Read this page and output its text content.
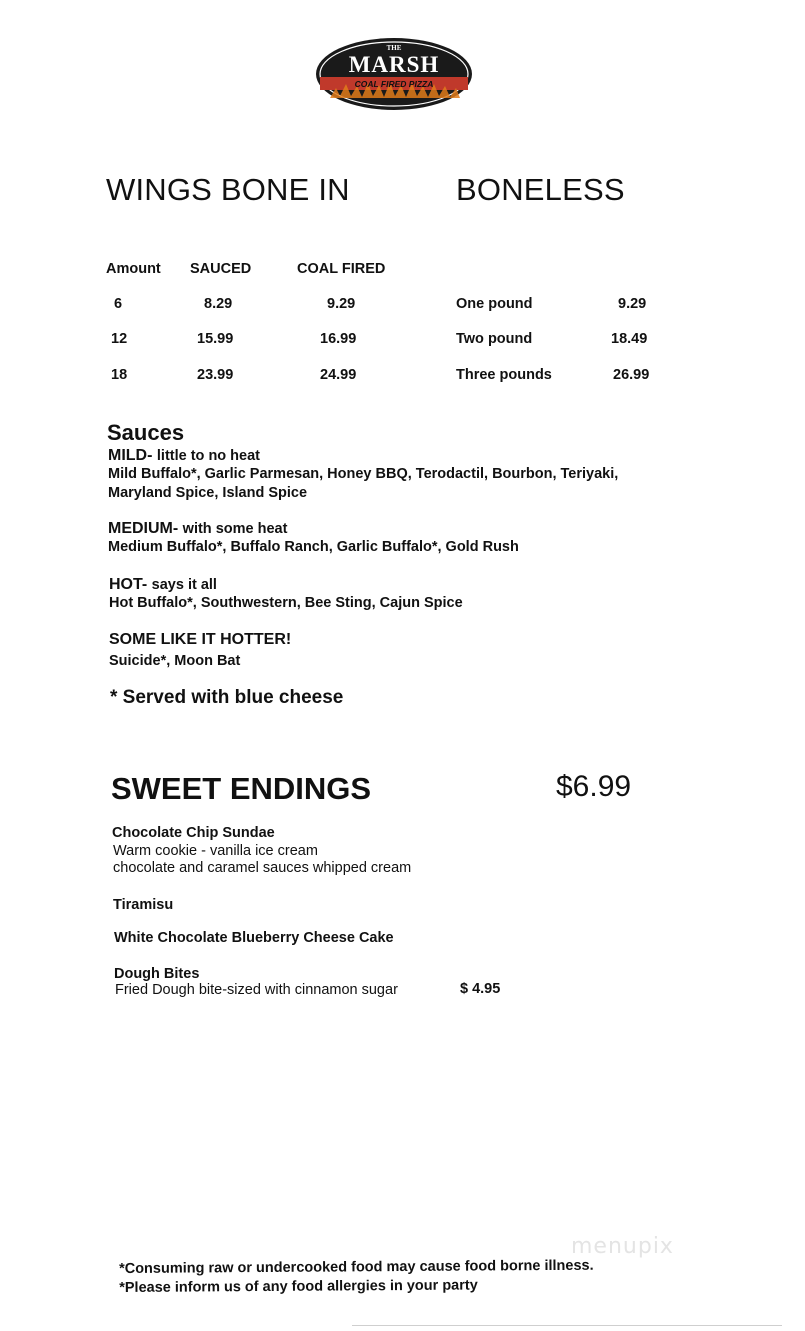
THE
MARSH
COAL FIRED PIZZA
WINGS BONE IN	BONELESS
Amount SAUCED	COAL FIRED
6	8.29	9.29
12	15.99	16.99
18	23.99	24.99
One pound	9.29
Two pound	18.49
Three pounds	26.99
Sauces
MILD- little to no heat
Mild Buffalo*, Garlic Parmesan, Honey BBQ, Terodactil, Bourbon, Teriyaki,
Maryland Spice, Island Spice
MEDIUM- with some heat
Medium Buffalo*, Buffalo Ranch, Garlic Buffalo*, Gold Rush
HOT- says it all
Hot Buffalo*, Southwestern, Bee Sting, Cajun Spice
SOME LIKE IT HOTTER!
Suicide*, Moon Bat
* Served with blue cheese
SWEET ENDINGS	$6.99
Chocolate Chip Sundae
Warm cookie - vanilla ice cream
chocolate and caramel sauces whipped cream
Tiramisu
White Chocolate Blueberry Cheese Cake
Dough Bites
Fried Dough bite-sized with cinnamon sugar	$ 4.95
menupix
*Consuming raw or undercooked food may cause food borne illness.
*Please inform us of any food allergies in your party
